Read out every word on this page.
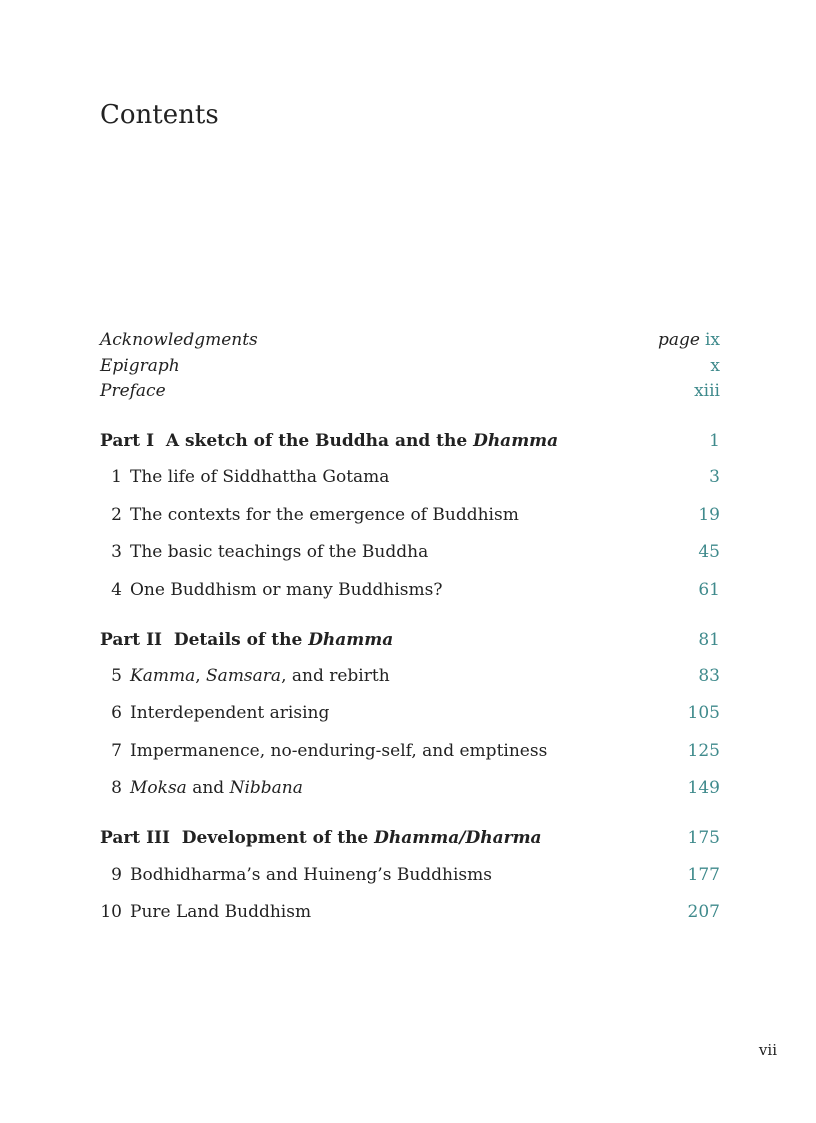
Contents
Acknowledgments	page ix
Epigraph	x
Preface	xiii
Part I A sketch of the Buddha and the Dhamma	1
1 The life of Siddhattha Gotama	3
2 The contexts for the emergence of Buddhism	19
3 The basic teachings of the Buddha	45
4 One Buddhism or many Buddhisms?	61
Part II Details of the Dhamma	81
5 Kamma, Samsara, and rebirth	83
6 Interdependent arising	105
7 Impermanence, no-enduring-self, and emptiness	125
8 Moksa and Nibbana	149
Part III Development of the Dhamma/Dharma	175
9 Bodhidharma’s and Huineng’s Buddhisms	177
10 Pure Land Buddhism	207
vii
